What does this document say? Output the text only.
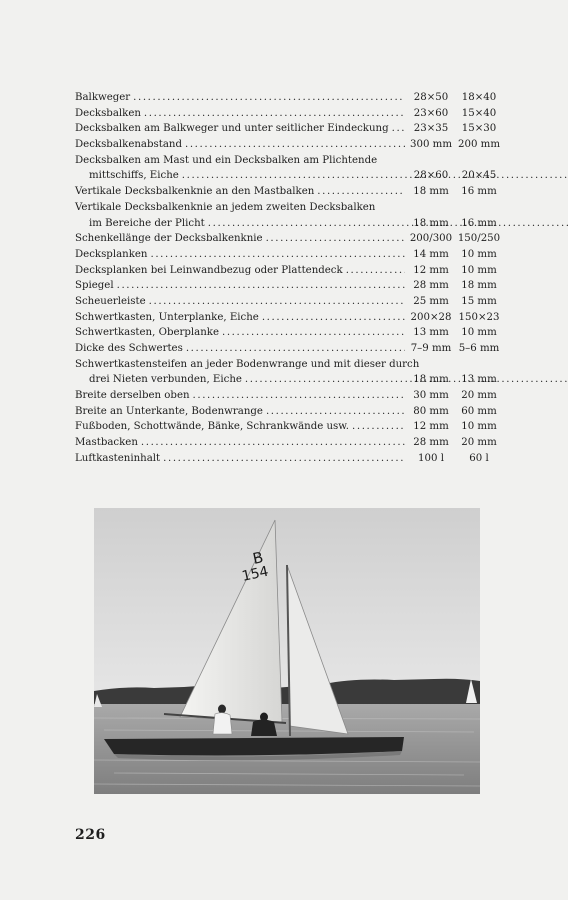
Balkweger .....	28×50	18×40
Decksbalken .....	23×60	15×40
Decksbalken am Balkweger und unter seitlicher Eindeckung .....	23×35	15×30
Decksbalkenabstand .....	300 mm 200 mm
Decksbalken am Mast und ein Decksbalken am Plichtende
mittschiffs, Eiche .....	28×60	20×45
Vertikale Decksbalkenknie an den Mastbalken .....	18 mm	16 mm
Vertikale Decksbalkenknie an jedem zweiten Decksbalken
im Bereiche der Plicht .....	18 mm	16 mm
Schenkellänge der Decksbalkenknie .....	200/300 150/250
Decksplanken .....	14 mm	10 mm
Decksplanken bei Leinwandbezug oder Plattendeck .....	12 mm	10 mm
Spiegel .....	28 mm	18 mm
Scheuerleiste .....	25 mm	15 mm
Schwertkasten, Unterplanke, Eiche .....	200×28 150×23
Schwertkasten, Oberplanke .....	13 mm	10 mm
Dicke des Schwertes .....	7–9 mm 5–6 mm
Schwertkastensteifen an jeder Bodenwrange und mit dieser durch
drei Nieten verbunden, Eiche .....	18 mm	13 mm
Breite derselben oben .....	30 mm	20 mm
Breite an Unterkante, Bodenwrange .....	80 mm	60 mm
Fußboden, Schottwände, Bänke, Schrankwände usw. .....	12 mm	10 mm
Mastbacken .....	28 mm	20 mm
Luftkasteninhalt .....	100 l	60 l
B
154
226
